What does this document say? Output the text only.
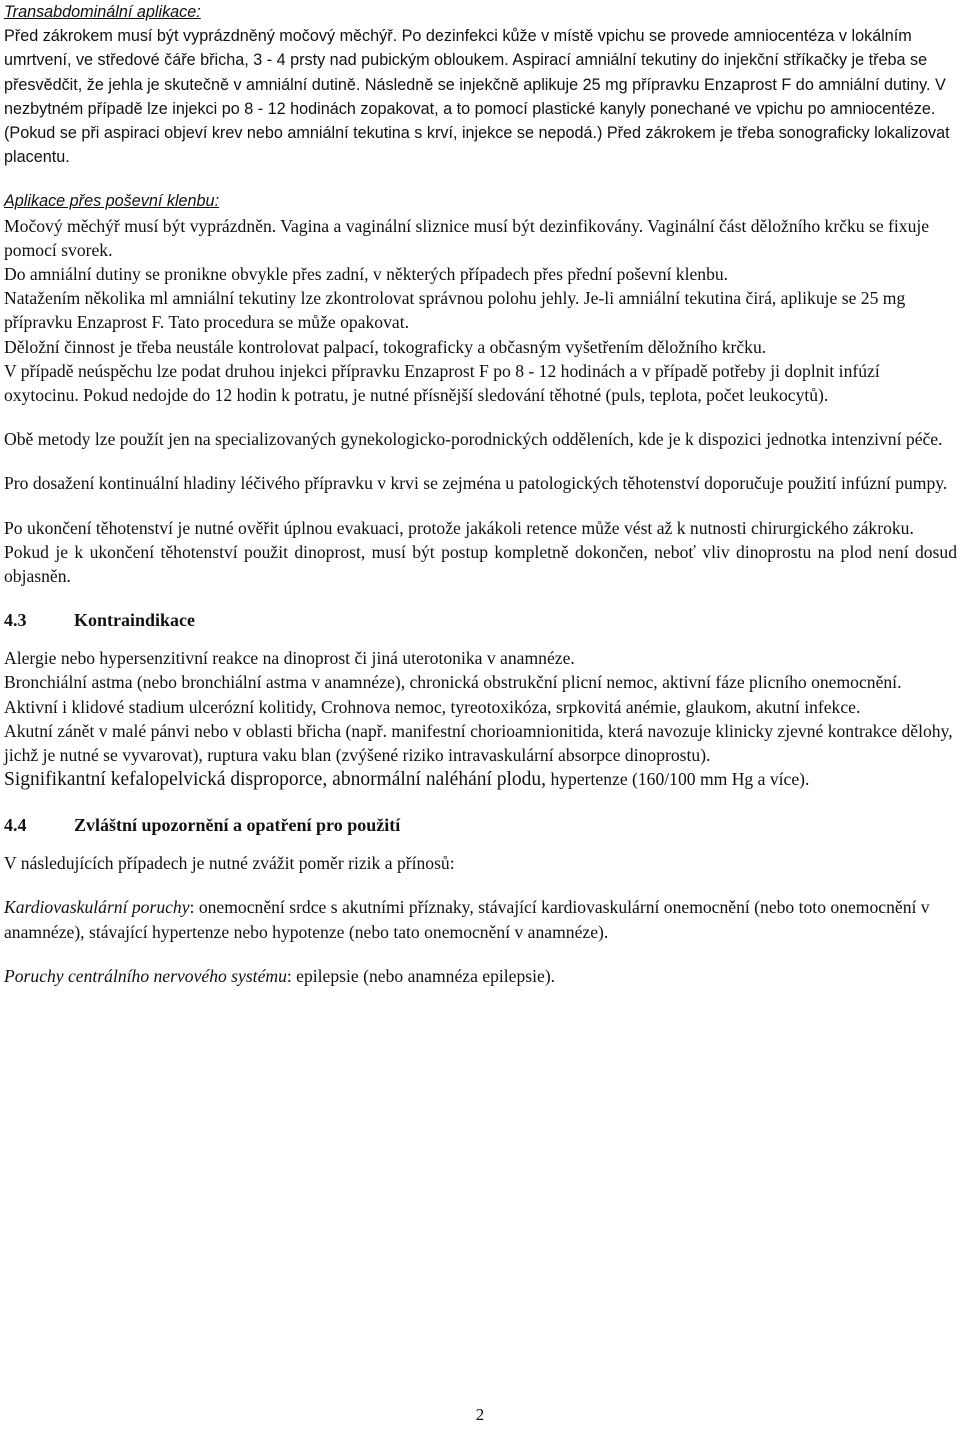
Transabdominální aplikace:

Před zákrokem musí být vyprázdněný močový měchýř. Po dezinfekci kůže v místě vpichu se provede amniocentéza v lokálním umrtvení, ve středové čáře břicha, 3 - 4 prsty nad pubickým obloukem. Aspirací amniální tekutiny do injekční stříkačky je třeba se přesvědčit, že jehla je skutečně v amniální dutině. Následně se injekčně aplikuje 25 mg přípravku Enzaprost F do amniální dutiny. V nezbytném případě lze injekci po 8 - 12 hodinách zopakovat, a to pomocí plastické kanyly ponechané ve vpichu po amniocentéze. (Pokud se při aspiraci objeví krev nebo amniální tekutina s krví, injekce se nepodá.) Před zákrokem je třeba sonograficky lokalizovat placentu.

Aplikace přes poševní klenbu:

Močový měchýř musí být vyprázdněn. Vagina a vaginální sliznice musí být dezinfikovány. Vaginální část děložního krčku se fixuje pomocí svorek.

Do amniální dutiny se pronikne obvykle přes zadní, v některých případech přes přední poševní klenbu.

Natažením několika ml amniální tekutiny lze zkontrolovat správnou polohu jehly. Je-li amniální tekutina čirá, aplikuje se 25 mg přípravku Enzaprost F. Tato procedura se může opakovat.

Děložní činnost je třeba neustále kontrolovat palpací, tokograficky a občasným vyšetřením děložního krčku.

V případě neúspěchu lze podat druhou injekci přípravku Enzaprost F po 8 - 12 hodinách a v případě potřeby ji doplnit infúzí oxytocinu. Pokud nedojde do 12 hodin k potratu, je nutné přísnější sledování těhotné (puls, teplota, počet leukocytů).

Obě metody lze použít jen na specializovaných gynekologicko-porodnických odděleních, kde je k dispozici jednotka intenzivní péče.

Pro dosažení kontinuální hladiny léčivého přípravku v krvi se zejména u patologických těhotenství doporučuje použití infúzní pumpy.

Po ukončení těhotenství je nutné ověřit úplnou evakuaci, protože jakákoli retence může vést až k nutnosti chirurgického zákroku.

Pokud je k ukončení těhotenství použit dinoprost, musí být postup kompletně dokončen, neboť vliv dinoprostu na plod není dosud objasněn.

4.3	Kontraindikace

Alergie nebo hypersenzitivní reakce na dinoprost či jiná uterotonika v anamnéze.

Bronchiální astma (nebo bronchiální astma v anamnéze), chronická obstrukční plicní nemoc, aktivní fáze plicního onemocnění.

Aktivní i klidové stadium ulcerózní kolitidy, Crohnova nemoc, tyreotoxikóza, srpkovitá anémie, glaukom, akutní infekce.

Akutní zánět v malé pánvi nebo v oblasti břicha (např. manifestní chorioamnionitida, která navozuje klinicky zjevné kontrakce dělohy, jichž je nutné se vyvarovat), ruptura vaku blan (zvýšené riziko intravaskulární absorpce dinoprostu).

Signifikantní kefalopelvická disproporce, abnormální naléhání plodu, hypertenze (160/100 mm Hg a více).

4.4	Zvláštní upozornění a opatření pro použití

V následujících případech je nutné zvážit poměr rizik a přínosů:

Kardiovaskulární poruchy: onemocnění srdce s akutními příznaky, stávající kardiovaskulární onemocnění (nebo toto onemocnění v anamnéze), stávající hypertenze nebo hypotenze (nebo tato onemocnění v anamnéze).

Poruchy centrálního nervového systému: epilepsie (nebo anamnéza epilepsie).

2
